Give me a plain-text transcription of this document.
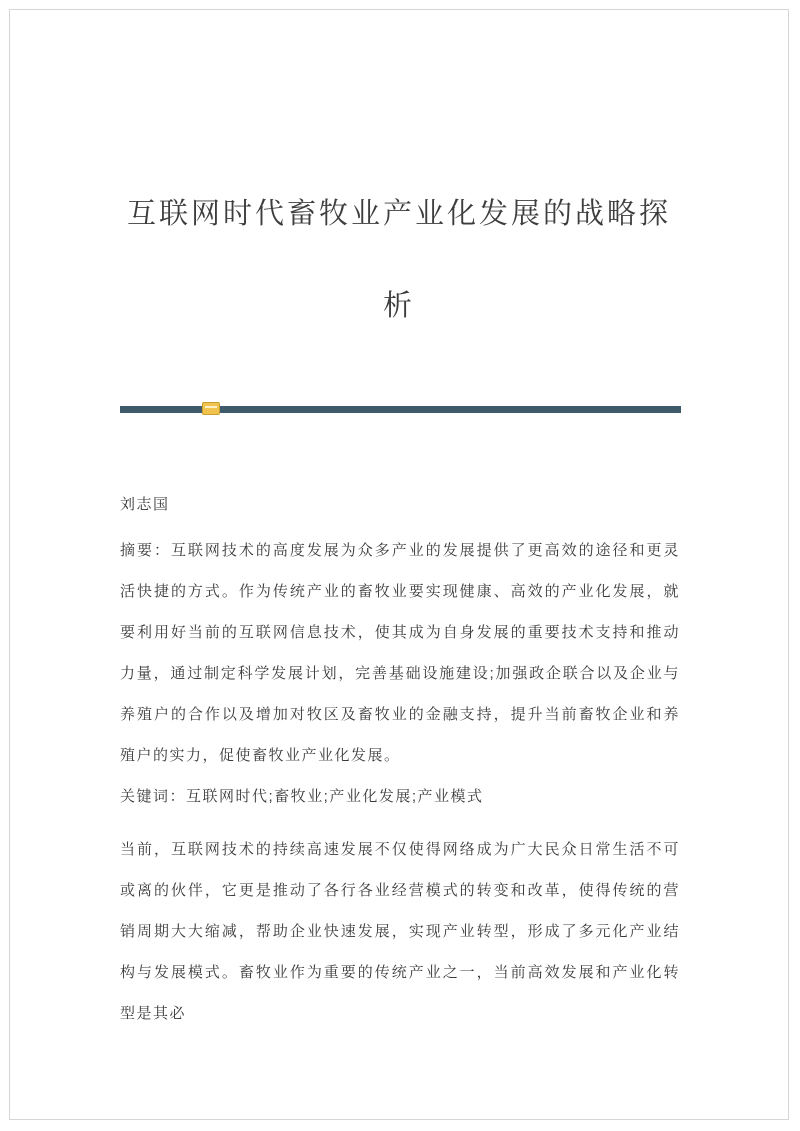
互联网时代畜牧业产业化发展的战略探析

刘志国

摘要：互联网技术的高度发展为众多产业的发展提供了更高效的途径和更灵活快捷的方式。作为传统产业的畜牧业要实现健康、高效的产业化发展，就要利用好当前的互联网信息技术，使其成为自身发展的重要技术支持和推动力量，通过制定科学发展计划，完善基础设施建设;加强政企联合以及企业与养殖户的合作以及增加对牧区及畜牧业的金融支持，提升当前畜牧企业和养殖户的实力，促使畜牧业产业化发展。

关键词：互联网时代;畜牧业;产业化发展;产业模式

当前，互联网技术的持续高速发展不仅使得网络成为广大民众日常生活不可或离的伙伴，它更是推动了各行各业经营模式的转变和改革，使得传统的营销周期大大缩减，帮助企业快速发展，实现产业转型，形成了多元化产业结构与发展模式。畜牧业作为重要的传统产业之一，当前高效发展和产业化转型是其必
